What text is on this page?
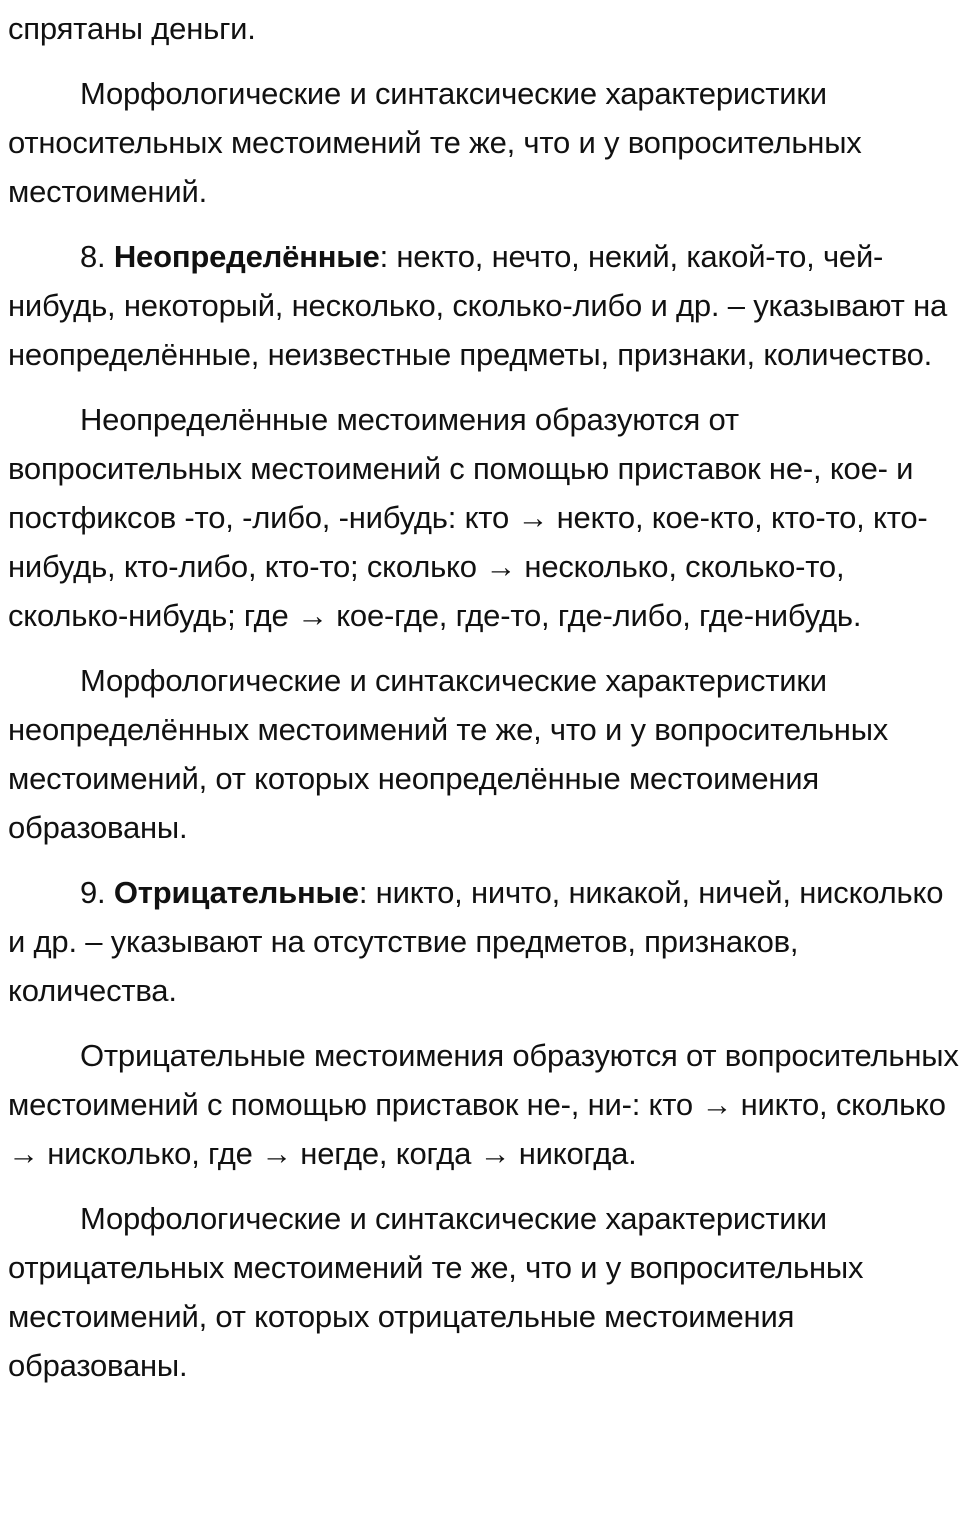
спрятаны деньги.

Морфологические и синтаксические характеристики относительных местоимений те же, что и у вопросительных местоимений.

8. Неопределённые: некто, нечто, некий, какой-то, чей-нибудь, некоторый, несколько, сколько-либо и др. – указывают на неопределённые, неизвестные предметы, признаки, количество.

Неопределённые местоимения образуются от вопросительных местоимений с помощью приставок не-, кое- и постфиксов -то, -либо, -нибудь: кто → некто, кое-кто, кто-то, кто-нибудь, кто-либо, кто-то; сколько → несколько, сколько-то, сколько-нибудь; где → кое-где, где-то, где-либо, где-нибудь.

Морфологические и синтаксические характеристики неопределённых местоимений те же, что и у вопросительных местоимений, от которых неопределённые местоимения образованы.

9. Отрицательные: никто, ничто, никакой, ничей, нисколько и др. – указывают на отсутствие предметов, признаков, количества.

Отрицательные местоимения образуются от вопросительных местоимений с помощью приставок не-, ни-: кто → никто, сколько → нисколько, где → негде, когда → никогда.

Морфологические и синтаксические характеристики отрицательных местоимений те же, что и у вопросительных местоимений, от которых отрицательные местоимения образованы.
